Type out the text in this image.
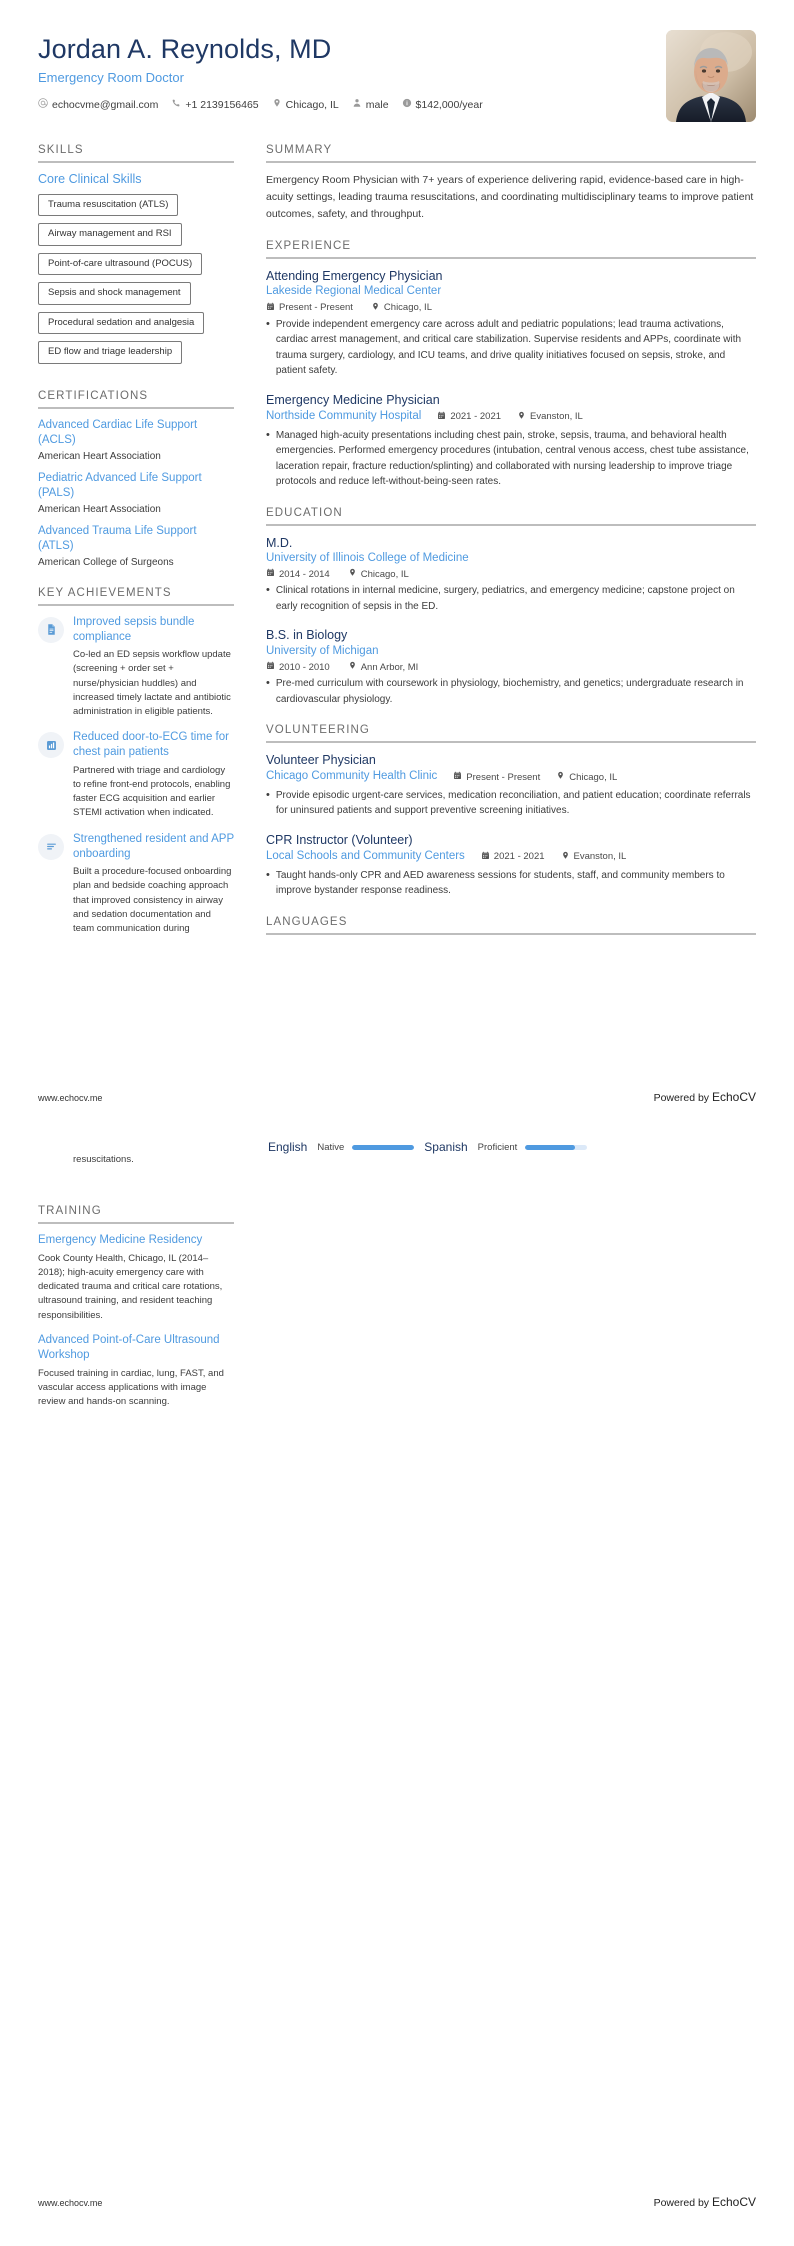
Jordan A. Reynolds, MD
Emergency Room Doctor
echocvme@gmail.com	+1 2139156465	Chicago, IL	male	$142,000/year
SKILLS
Core Clinical Skills
Trauma resuscitation (ATLS) Airway management and RSI Point-of-care ultrasound (POCUS) Sepsis and shock management Procedural sedation and analgesia ED flow and triage leadership
CERTIFICATIONS
Advanced Cardiac Life Support (ACLS)
American Heart Association
Pediatric Advanced Life Support (PALS)
American Heart Association
Advanced Trauma Life Support (ATLS)
American College of Surgeons
KEY ACHIEVEMENTS
Improved sepsis bundle compliance
Co-led an ED sepsis workflow update (screening + order set + nurse/physician huddles) and increased timely lactate and antibiotic administration in eligible patients.
Reduced door-to-ECG time for chest pain patients
Partnered with triage and cardiology to refine front-end protocols, enabling faster ECG acquisition and earlier STEMI activation when indicated.
Strengthened resident and APP onboarding
Built a procedure-focused onboarding plan and bedside coaching approach that improved consistency in airway and sedation documentation and team communication during
SUMMARY
Emergency Room Physician with 7+ years of experience delivering rapid, evidence-based care in high-acuity settings, leading trauma resuscitations, and coordinating multidisciplinary teams to improve patient outcomes, safety, and throughput.
EXPERIENCE
Attending Emergency Physician
Lakeside Regional Medical Center
Present - Present	Chicago, IL
• Provide independent emergency care across adult and pediatric populations; lead trauma activations, cardiac arrest management, and critical care stabilization. Supervise residents and APPs, coordinate with trauma surgery, cardiology, and ICU teams, and drive quality initiatives focused on sepsis, stroke, and patient safety.
Emergency Medicine Physician
Northside Community Hospital	2021 - 2021	Evanston, IL
• Managed high-acuity presentations including chest pain, stroke, sepsis, trauma, and behavioral health emergencies. Performed emergency procedures (intubation, central venous access, chest tube assistance, laceration repair, fracture reduction/splinting) and collaborated with nursing leadership to improve triage protocols and reduce left-without-being-seen rates.
EDUCATION
M.D.
University of Illinois College of Medicine
2014 - 2014	Chicago, IL
• Clinical rotations in internal medicine, surgery, pediatrics, and emergency medicine; capstone project on early recognition of sepsis in the ED.
B.S. in Biology
University of Michigan
2010 - 2010	Ann Arbor, MI
• Pre-med curriculum with coursework in physiology, biochemistry, and genetics; undergraduate research in cardiovascular physiology.
VOLUNTEERING
Volunteer Physician
Chicago Community Health Clinic	Present - Present	Chicago, IL
• Provide episodic urgent-care services, medication reconciliation, and patient education; coordinate referrals for uninsured patients and support preventive screening initiatives.
CPR Instructor (Volunteer)
Local Schools and Community Centers	2021 - 2021	Evanston, IL
• Taught hands-only CPR and AED awareness sessions for students, staff, and community members to improve bystander response readiness.
LANGUAGES
www.echocv.me	Powered by EchoCV
resuscitations.
English Native	Spanish Proficient
TRAINING
Emergency Medicine Residency
Cook County Health, Chicago, IL (2014–2018); high-acuity emergency care with dedicated trauma and critical care rotations, ultrasound training, and resident teaching responsibilities.
Advanced Point-of-Care Ultrasound Workshop
Focused training in cardiac, lung, FAST, and vascular access applications with image review and hands-on scanning.
www.echocv.me	Powered by EchoCV
